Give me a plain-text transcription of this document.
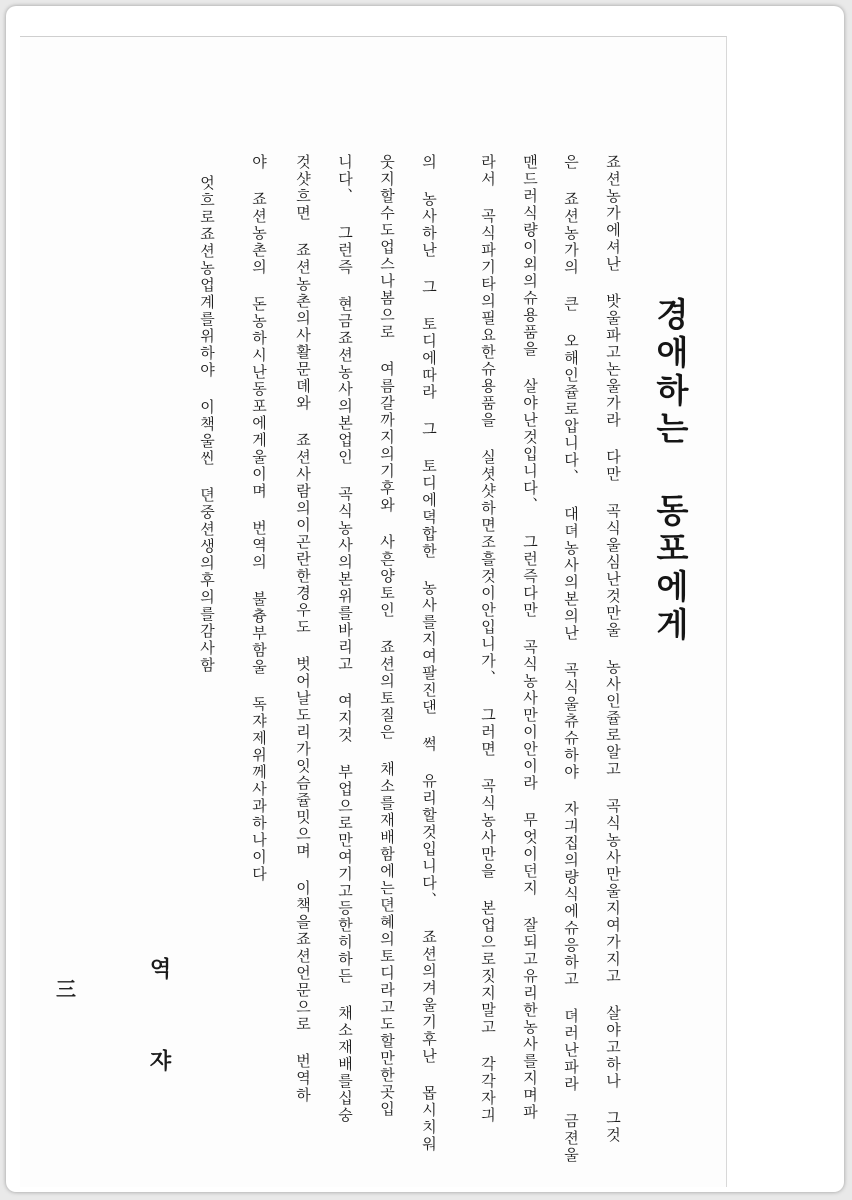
경애하는 동포에게
죠션농가에셔난 밧울파고논울가라 다만 곡식울심난것만울 농사인쥴로알고 곡식농사만울지여가지고 살야고하나 그것
은 죠션농가의 큰 오해인쥴로압니다、 대뎌농사의본의난 곡식울츄슈하야 자긔집의량식에슈응하고 뎌러난파라 금젼울
맨드러식량이외의슈용품을 살야난것입니다、 그런즉다만 곡식농사만이안이라 무엇이던지 잘되고유리한농사를지며파
라서 곡식파기타의필요한슈용품을 실셧샷하면조흘것이안입니가、 그러면 곡식농사만을 본업으로짓지말고 각각자긔
의 농사하난 그 토디에따라 그 토디에뎍합한 농사를지여팔진댄 썩 유리할것입니다、 죠션의겨울기후난 몹시치워
웃지할수도업스나봄으로 여름갈까지의기후와 사흔양토인 죠션의토질은 채소를재배함에는뎐혜의토디라고도할만한곳입
니다、 그런즉 현금죠션농사의본업인 곡식농사의본위를바리고 여지것 부업으로만여기고등한히하든 채소재배를십숭
것샷흐면 죠션농촌의사활문뎨와 죠션사람의이곤란한경우도 벗어날도리가잇슴쥴밋으며 이책을죠션언문으로 번역하
야 죠션농촌의 돈농하시난동포에게울이며 번역의 불츙부함울 독쟈제위께사과하나이다
엇흐로죠션농업계를위하야 이책울씬 뎐중션생의후의를감사함
역쟈
三
